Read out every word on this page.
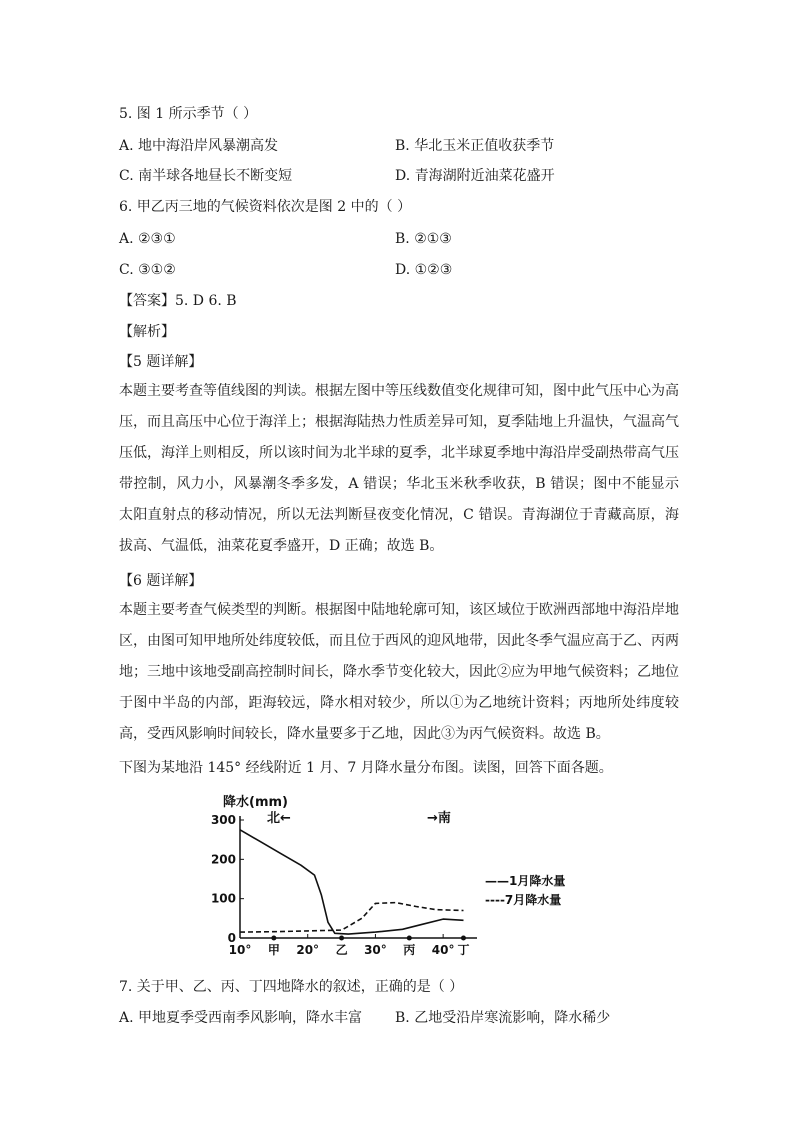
5. 图 1 所示季节（ ）
A. 地中海沿岸风暴潮高发	B. 华北玉米正值收获季节
C. 南半球各地昼长不断变短	D. 青海湖附近油菜花盛开
6. 甲乙丙三地的气候资料依次是图 2 中的（ ）
A. ②③①	B. ②①③
C. ③①②	D. ①②③
【答案】5. D 6. B
【解析】
【5 题详解】
本题主要考查等值线图的判读。根据左图中等压线数值变化规律可知，图中此气压中心为高压，而且高压中心位于海洋上；根据海陆热力性质差异可知，夏季陆地上升温快，气温高气压低，海洋上则相反，所以该时间为北半球的夏季，北半球夏季地中海沿岸受副热带高气压带控制，风力小，风暴潮冬季多发，A 错误；华北玉米秋季收获，B 错误；图中不能显示太阳直射点的移动情况，所以无法判断昼夜变化情况，C 错误。青海湖位于青藏高原，海拔高、气温低，油菜花夏季盛开，D 正确；故选 B。
【6 题详解】
本题主要考查气候类型的判断。根据图中陆地轮廓可知，该区域位于欧洲西部地中海沿岸地区，由图可知甲地所处纬度较低，而且位于西风的迎风地带，因此冬季气温应高于乙、丙两地；三地中该地受副高控制时间长，降水季节变化较大，因此②应为甲地气候资料；乙地位于图中半岛的内部，距海较远，降水相对较少，所以①为乙地统计资料；丙地所处纬度较高，受西风影响时间较长，降水量要多于乙地，因此③为丙气候资料。故选 B。
下图为某地沿 145° 经线附近 1 月、7 月降水量分布图。读图，回答下面各题。
降水(mm)
300
200
100
0
10° 甲 20° 乙 30° 丙 40° 丁
北←	→南
——1月降水量
----7月降水量
7. 关于甲、乙、丙、丁四地降水的叙述，正确的是（ ）
A. 甲地夏季受西南季风影响，降水丰富 B. 乙地受沿岸寒流影响，降水稀少
